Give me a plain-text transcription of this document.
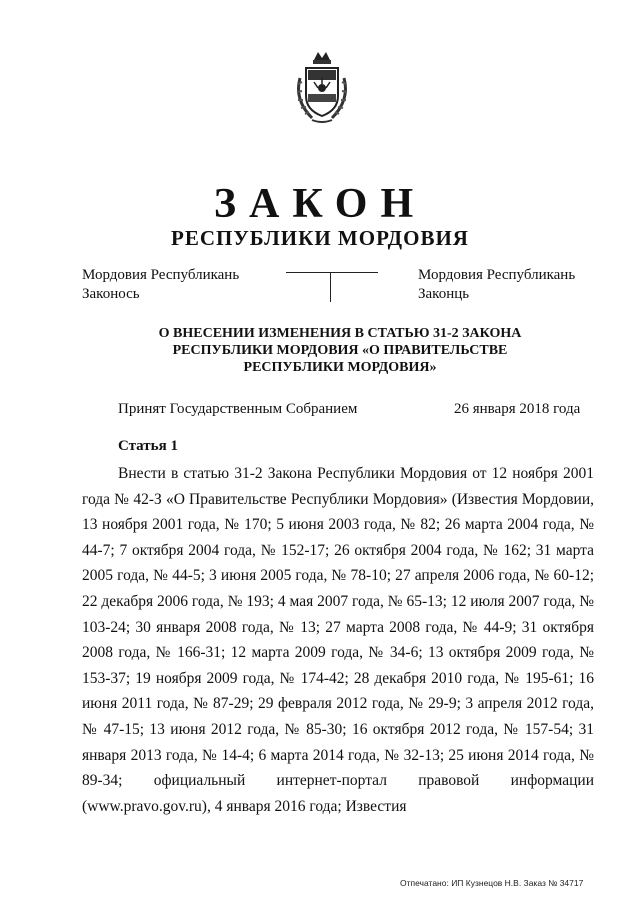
ЗАКОН
РЕСПУБЛИКИ МОРДОВИЯ
Мордовия Республикань
Законось
Мордовия Республикань
Законць
О ВНЕСЕНИИ ИЗМЕНЕНИЯ В СТАТЬЮ 31-2 ЗАКОНА
РЕСПУБЛИКИ МОРДОВИЯ «О ПРАВИТЕЛЬСТВЕ
РЕСПУБЛИКИ МОРДОВИЯ»
Принят Государственным Собранием	26 января 2018 года
Статья 1

Внести в статью 31-2 Закона Республики Мордовия от 12 ноября 2001 года № 42-З «О Правительстве Республики Мордовия» (Известия Мордовии, 13 ноября 2001 года, № 170; 5 июня 2003 года, № 82; 26 марта 2004 года, № 44-7; 7 октября 2004 года, № 152-17; 26 октября 2004 года, № 162; 31 марта 2005 года, № 44-5; 3 июня 2005 года, № 78-10; 27 апреля 2006 года, № 60-12; 22 декабря 2006 года, № 193; 4 мая 2007 года, № 65-13; 12 июля 2007 года, № 103-24; 30 января 2008 года, № 13; 27 марта 2008 года, № 44-9; 31 октября 2008 года, № 166-31; 12 марта 2009 года, № 34-6; 13 октября 2009 года, № 153-37; 19 ноября 2009 года, № 174-42; 28 декабря 2010 года, № 195-61; 16 июня 2011 года, № 87-29; 29 февраля 2012 года, № 29-9; 3 апреля 2012 года, № 47-15; 13 июня 2012 года, № 85-30; 16 октября 2012 года, № 157-54; 31 января 2013 года, № 14-4; 6 марта 2014 года, № 32-13; 25 июня 2014 года, № 89-34; официальный интернет-портал правовой информации (www.pravo.gov.ru), 4 января 2016 года; Известия

Отпечатано: ИП Кузнецов Н.В. Заказ № 34717
